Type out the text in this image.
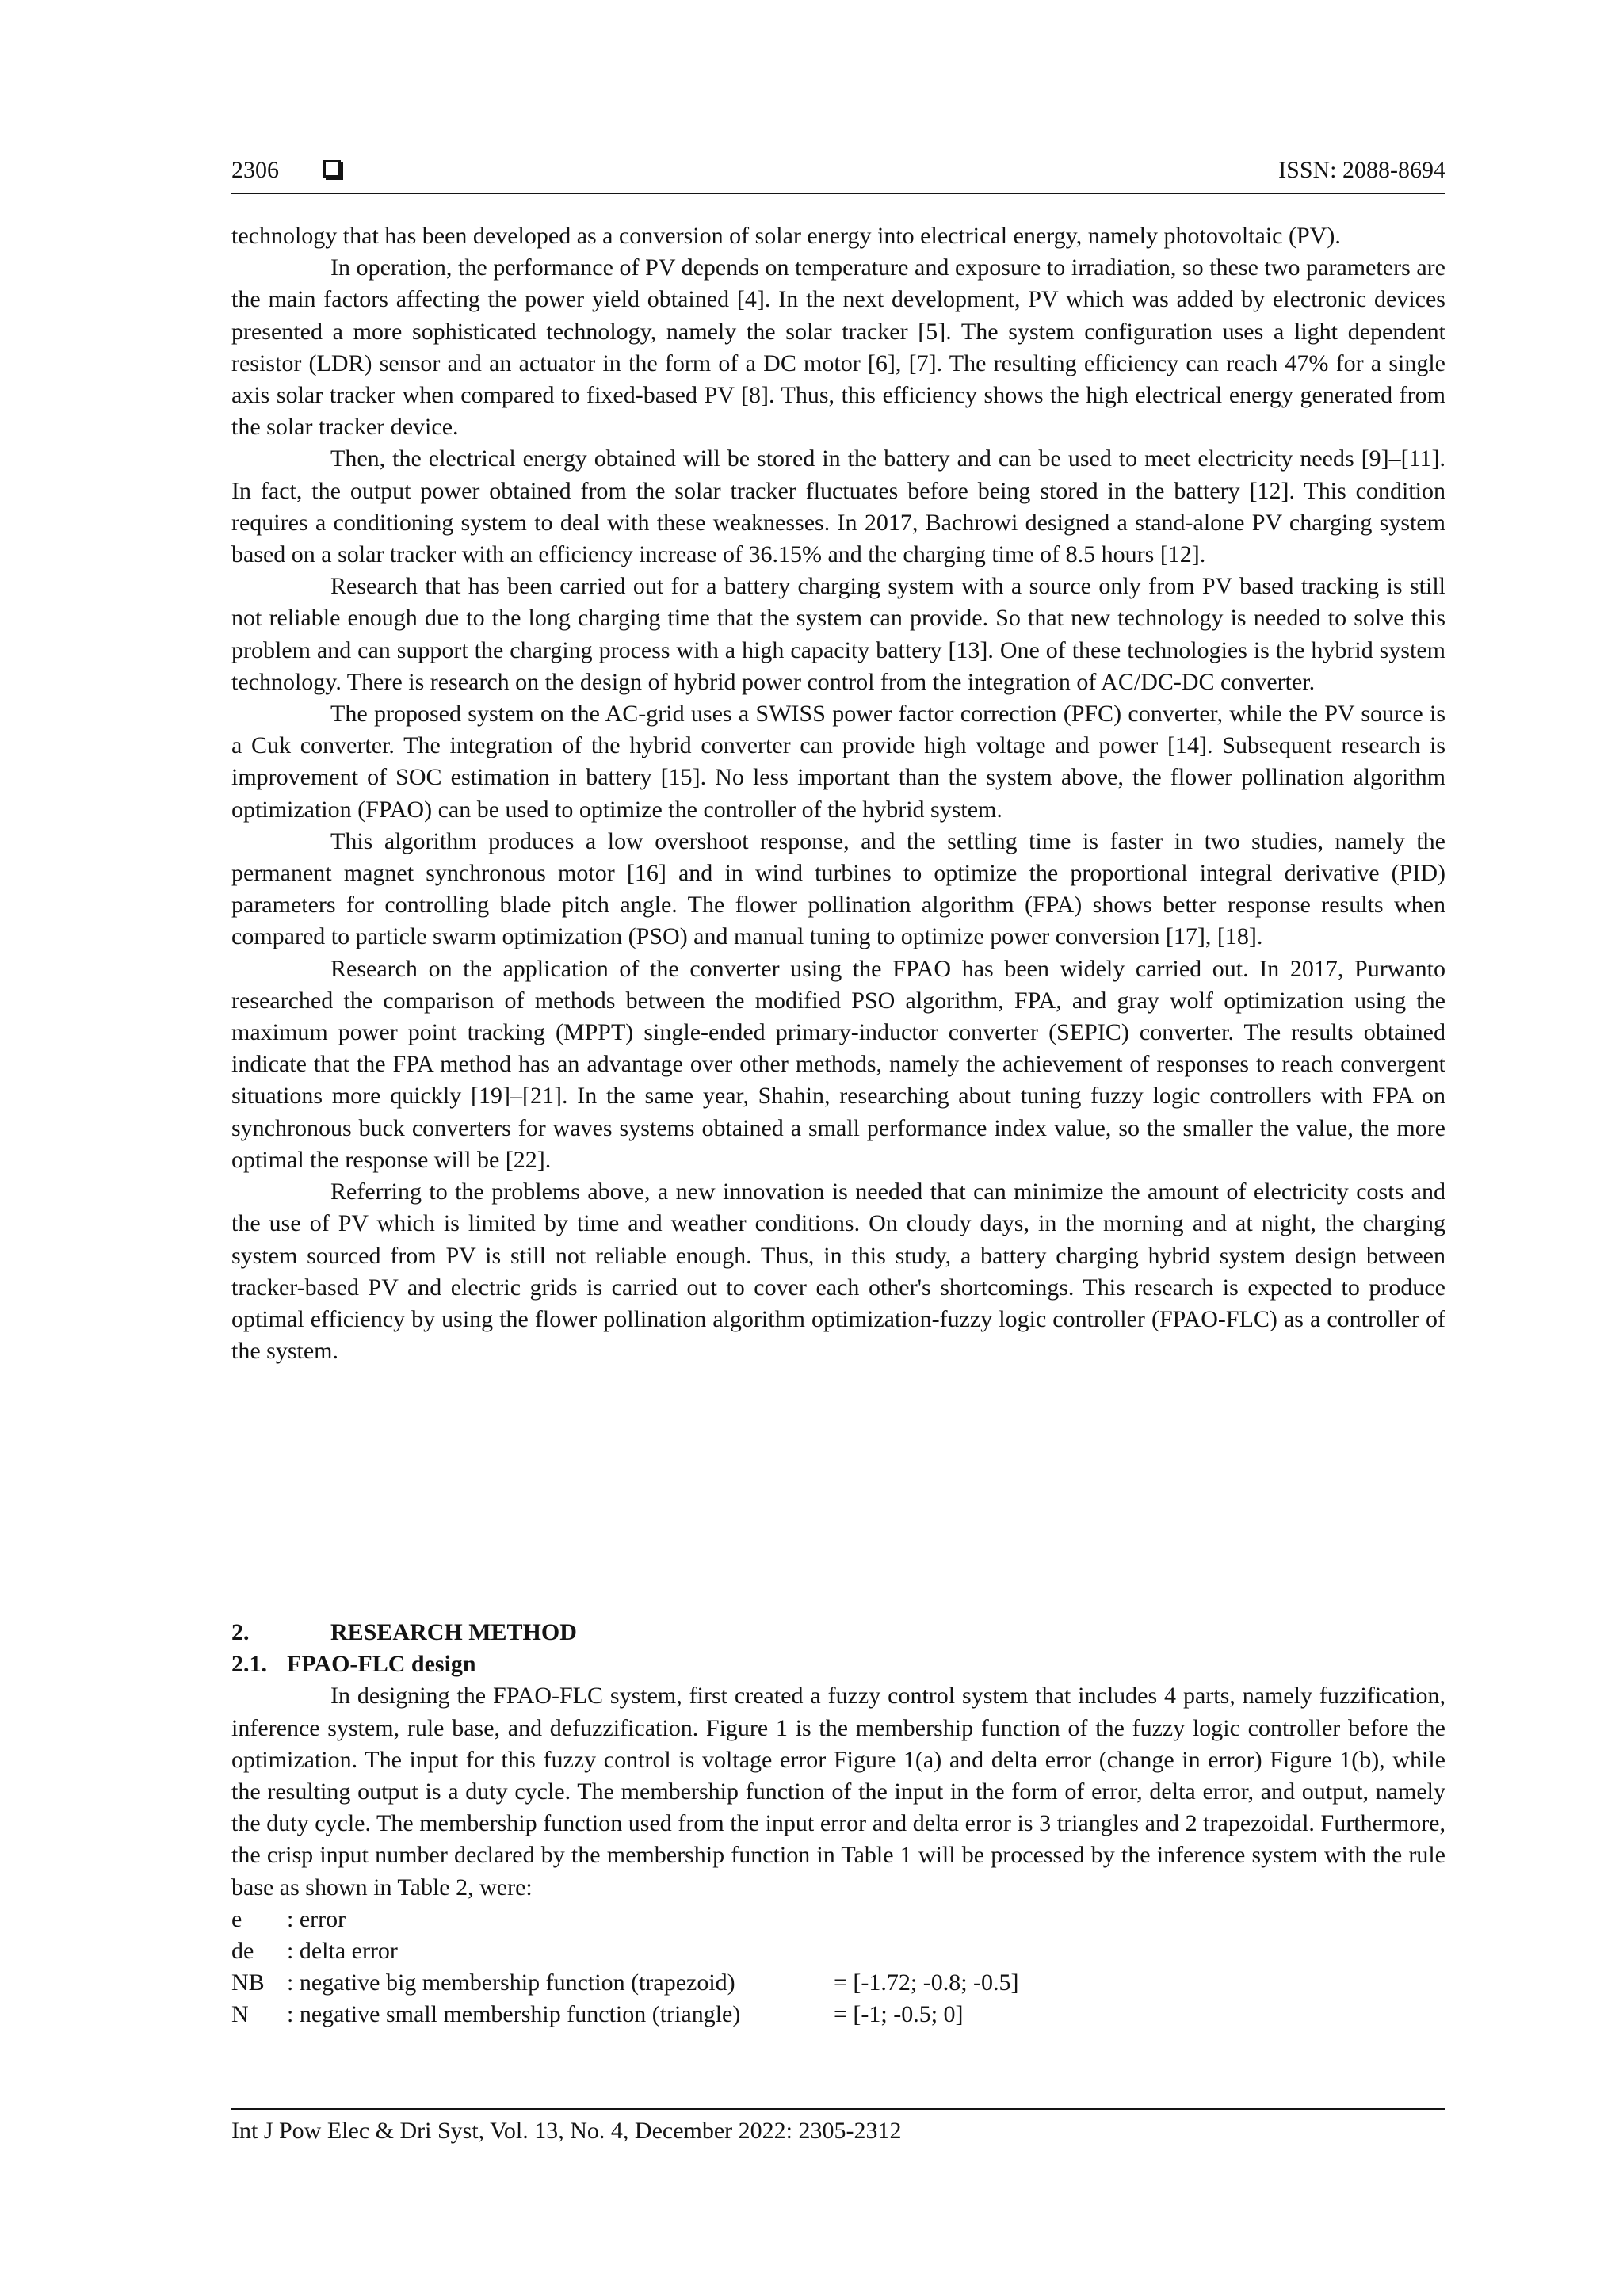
2306	ISSN: 2088-8694

technology that has been developed as a conversion of solar energy into electrical energy, namely photovoltaic (PV).

In operation, the performance of PV depends on temperature and exposure to irradiation, so these two parameters are the main factors affecting the power yield obtained [4]. In the next development, PV which was added by electronic devices presented a more sophisticated technology, namely the solar tracker [5]. The system configuration uses a light dependent resistor (LDR) sensor and an actuator in the form of a DC motor [6], [7]. The resulting efficiency can reach 47% for a single axis solar tracker when compared to fixed-based PV [8]. Thus, this efficiency shows the high electrical energy generated from the solar tracker device.

Then, the electrical energy obtained will be stored in the battery and can be used to meet electricity needs [9]–[11]. In fact, the output power obtained from the solar tracker fluctuates before being stored in the battery [12]. This condition requires a conditioning system to deal with these weaknesses. In 2017, Bachrowi designed a stand-alone PV charging system based on a solar tracker with an efficiency increase of 36.15% and the charging time of 8.5 hours [12].

Research that has been carried out for a battery charging system with a source only from PV based tracking is still not reliable enough due to the long charging time that the system can provide. So that new technology is needed to solve this problem and can support the charging process with a high capacity battery [13]. One of these technologies is the hybrid system technology. There is research on the design of hybrid power control from the integration of AC/DC-DC converter.

The proposed system on the AC-grid uses a SWISS power factor correction (PFC) converter, while the PV source is a Cuk converter. The integration of the hybrid converter can provide high voltage and power [14]. Subsequent research is improvement of SOC estimation in battery [15]. No less important than the system above, the flower pollination algorithm optimization (FPAO) can be used to optimize the controller of the hybrid system.

This algorithm produces a low overshoot response, and the settling time is faster in two studies, namely the permanent magnet synchronous motor [16] and in wind turbines to optimize the proportional integral derivative (PID) parameters for controlling blade pitch angle. The flower pollination algorithm (FPA) shows better response results when compared to particle swarm optimization (PSO) and manual tuning to optimize power conversion [17], [18].

Research on the application of the converter using the FPAO has been widely carried out. In 2017, Purwanto researched the comparison of methods between the modified PSO algorithm, FPA, and gray wolf optimization using the maximum power point tracking (MPPT) single-ended primary-inductor converter (SEPIC) converter. The results obtained indicate that the FPA method has an advantage over other methods, namely the achievement of responses to reach convergent situations more quickly [19]–[21]. In the same year, Shahin, researching about tuning fuzzy logic controllers with FPA on synchronous buck converters for waves systems obtained a small performance index value, so the smaller the value, the more optimal the response will be [22].

Referring to the problems above, a new innovation is needed that can minimize the amount of electricity costs and the use of PV which is limited by time and weather conditions. On cloudy days, in the morning and at night, the charging system sourced from PV is still not reliable enough. Thus, in this study, a battery charging hybrid system design between tracker-based PV and electric grids is carried out to cover each other's shortcomings. This research is expected to produce optimal efficiency by using the flower pollination algorithm optimization-fuzzy logic controller (FPAO-FLC) as a controller of the system.

2.	RESEARCH METHOD
2.1. FPAO-FLC design

In designing the FPAO-FLC system, first created a fuzzy control system that includes 4 parts, namely fuzzification, inference system, rule base, and defuzzification. Figure 1 is the membership function of the fuzzy logic controller before the optimization. The input for this fuzzy control is voltage error Figure 1(a) and delta error (change in error) Figure 1(b), while the resulting output is a duty cycle. The membership function of the input in the form of error, delta error, and output, namely the duty cycle. The membership function used from the input error and delta error is 3 triangles and 2 trapezoidal. Furthermore, the crisp input number declared by the membership function in Table 1 will be processed by the inference system with the rule base as shown in Table 2, were:

e : error
de : delta error
NB : negative big membership function (trapezoid)	= [-1.72; -0.8; -0.5]
N : negative small membership function (triangle)	= [-1; -0.5; 0]
Int J Pow Elec & Dri Syst, Vol. 13, No. 4, December 2022: 2305-2312
